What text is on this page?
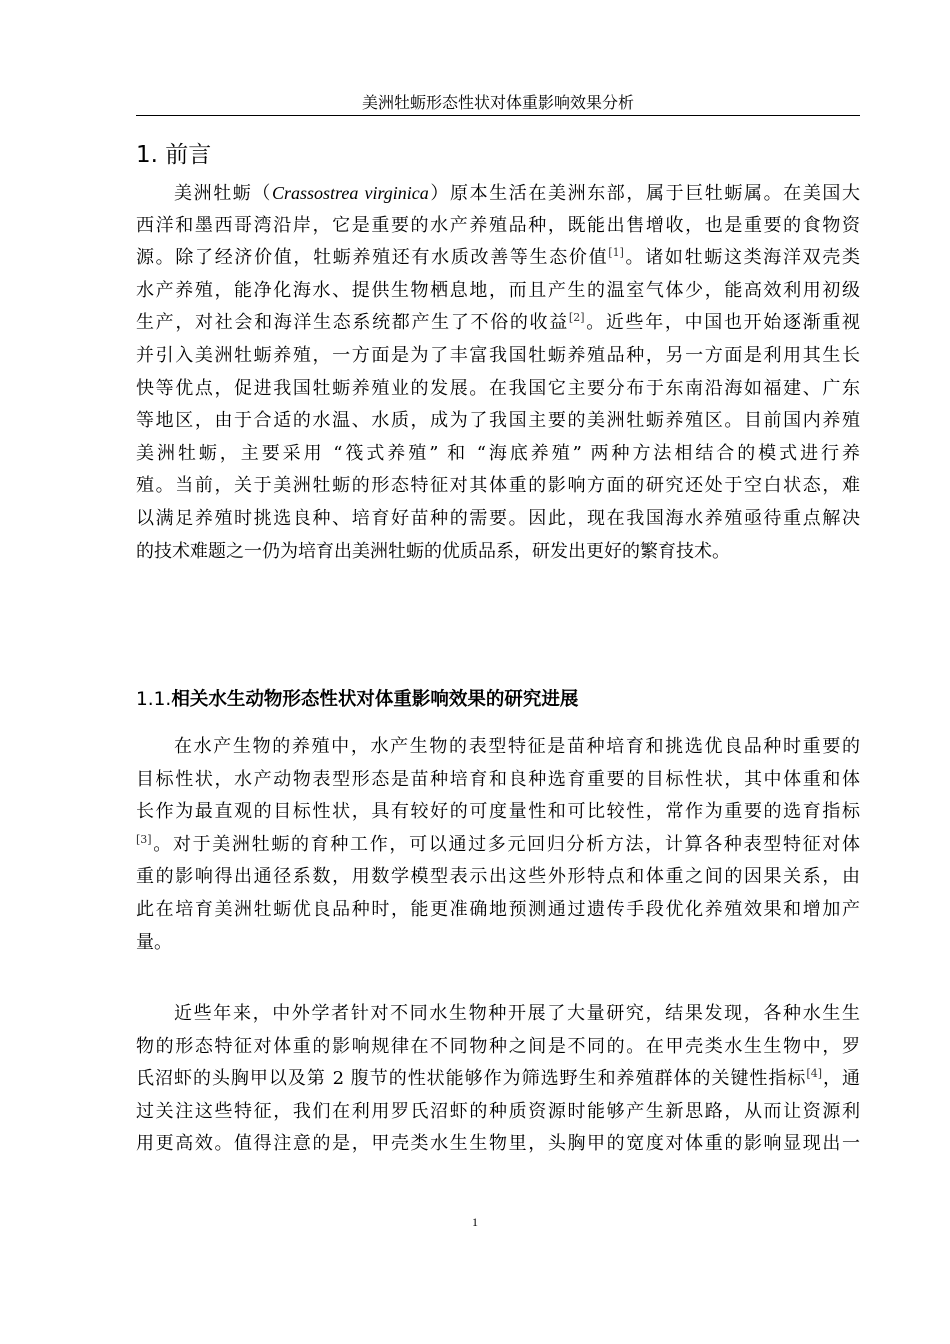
美洲牡蛎形态性状对体重影响效果分析
1. 前言
美洲牡蛎（Crassostrea virginica）原本生活在美洲东部，属于巨牡蛎属。在美国大
西洋和墨西哥湾沿岸，它是重要的水产养殖品种，既能出售增收，也是重要的食物资
源。除了经济价值，牡蛎养殖还有水质改善等生态价值[1]。诸如牡蛎这类海洋双壳类
水产养殖，能净化海水、提供生物栖息地，而且产生的温室气体少，能高效利用初级
生产，对社会和海洋生态系统都产生了不俗的收益[2]。近些年，中国也开始逐渐重视
并引入美洲牡蛎养殖，一方面是为了丰富我国牡蛎养殖品种，另一方面是利用其生长
快等优点，促进我国牡蛎养殖业的发展。在我国它主要分布于东南沿海如福建、广东
等地区，由于合适的水温、水质，成为了我国主要的美洲牡蛎养殖区。目前国内养殖
美洲牡蛎，主要采用 “筏式养殖” 和 “海底养殖” 两种方法相结合的模式进行养
殖。当前，关于美洲牡蛎的形态特征对其体重的影响方面的研究还处于空白状态，难
以满足养殖时挑选良种、培育好苗种的需要。因此，现在我国海水养殖亟待重点解决
的技术难题之一仍为培育出美洲牡蛎的优质品系，研发出更好的繁育技术。
1.1.相关水生动物形态性状对体重影响效果的研究进展
在水产生物的养殖中，水产生物的表型特征是苗种培育和挑选优良品种时重要的
目标性状，水产动物表型形态是苗种培育和良种选育重要的目标性状，其中体重和体
长作为最直观的目标性状，具有较好的可度量性和可比较性，常作为重要的选育指标
[3]。对于美洲牡蛎的育种工作，可以通过多元回归分析方法，计算各种表型特征对体
重的影响得出通径系数，用数学模型表示出这些外形特点和体重之间的因果关系，由
此在培育美洲牡蛎优良品种时，能更准确地预测通过遗传手段优化养殖效果和增加产
量。
近些年来，中外学者针对不同水生物种开展了大量研究，结果发现，各种水生生
物的形态特征对体重的影响规律在不同物种之间是不同的。在甲壳类水生生物中，罗
氏沼虾的头胸甲以及第 2 腹节的性状能够作为筛选野生和养殖群体的关键性指标[4]，通
过关注这些特征，我们在利用罗氏沼虾的种质资源时能够产生新思路，从而让资源利
用更高效。值得注意的是，甲壳类水生生物里，头胸甲的宽度对体重的影响显现出一
1
